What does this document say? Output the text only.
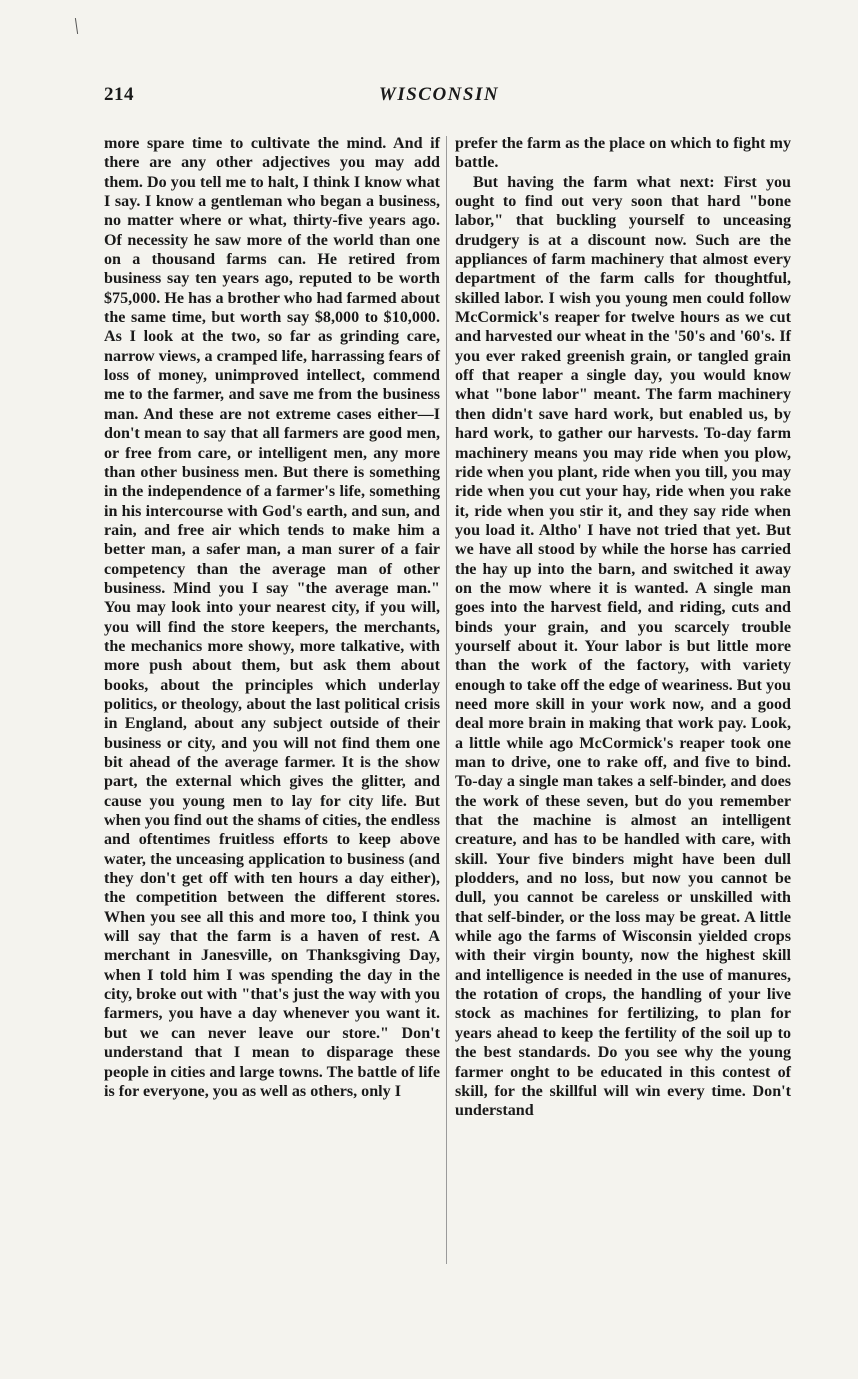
214	WISCONSIN

more spare time to cultivate the mind. And if there are any other adjectives you may add them. Do you tell me to halt, I think I know what I say. I know a gentleman who began a business, no matter where or what, thirty-five years ago. Of necessity he saw more of the world than one on a thousand farms can. He retired from business say ten years ago, reputed to be worth $75,000. He has a brother who had farmed about the same time, but worth say $8,000 to $10,000. As I look at the two, so far as grinding care, narrow views, a cramped life, harrassing fears of loss of money, unimproved intellect, commend me to the farmer, and save me from the business man. And these are not extreme cases either—I don't mean to say that all farmers are good men, or free from care, or intelligent men, any more than other business men. But there is something in the independence of a farmer's life, something in his intercourse with God's earth, and sun, and rain, and free air which tends to make him a better man, a safer man, a man surer of a fair competency than the average man of other business. Mind you I say "the average man." You may look into your nearest city, if you will, you will find the store keepers, the merchants, the mechanics more showy, more talkative, with more push about them, but ask them about books, about the principles which underlay politics, or theology, about the last political crisis in England, about any subject outside of their business or city, and you will not find them one bit ahead of the average farmer. It is the show part, the external which gives the glitter, and cause you young men to lay for city life. But when you find out the shams of cities, the endless and oftentimes fruitless efforts to keep above water, the unceasing application to business (and they don't get off with ten hours a day either), the competition between the different stores. When you see all this and more too, I think you will say that the farm is a haven of rest. A merchant in Janesville, on Thanksgiving Day, when I told him I was spending the day in the city, broke out with "that's just the way with you farmers, you have a day whenever you want it. but we can never leave our store." Don't understand that I mean to disparage these people in cities and large towns. The battle of life is for everyone, you as well as others, only I

prefer the farm as the place on which to fight my battle.

But having the farm what next: First you ought to find out very soon that hard "bone labor," that buckling yourself to unceasing drudgery is at a discount now. Such are the appliances of farm machinery that almost every department of the farm calls for thoughtful, skilled labor. I wish you young men could follow McCormick's reaper for twelve hours as we cut and harvested our wheat in the '50's and '60's. If you ever raked greenish grain, or tangled grain off that reaper a single day, you would know what "bone labor" meant. The farm machinery then didn't save hard work, but enabled us, by hard work, to gather our harvests. To-day farm machinery means you may ride when you plow, ride when you plant, ride when you till, you may ride when you cut your hay, ride when you rake it, ride when you stir it, and they say ride when you load it. Altho' I have not tried that yet. But we have all stood by while the horse has carried the hay up into the barn, and switched it away on the mow where it is wanted. A single man goes into the harvest field, and riding, cuts and binds your grain, and you scarcely trouble yourself about it. Your labor is but little more than the work of the factory, with variety enough to take off the edge of weariness. But you need more skill in your work now, and a good deal more brain in making that work pay. Look, a little while ago McCormick's reaper took one man to drive, one to rake off, and five to bind. To-day a single man takes a self-binder, and does the work of these seven, but do you remember that the machine is almost an intelligent creature, and has to be handled with care, with skill. Your five binders might have been dull plodders, and no loss, but now you cannot be dull, you cannot be careless or unskilled with that self-binder, or the loss may be great. A little while ago the farms of Wisconsin yielded crops with their virgin bounty, now the highest skill and intelligence is needed in the use of manures, the rotation of crops, the handling of your live stock as machines for fertilizing, to plan for years ahead to keep the fertility of the soil up to the best standards. Do you see why the young farmer onght to be educated in this contest of skill, for the skillful will win every time. Don't understand
